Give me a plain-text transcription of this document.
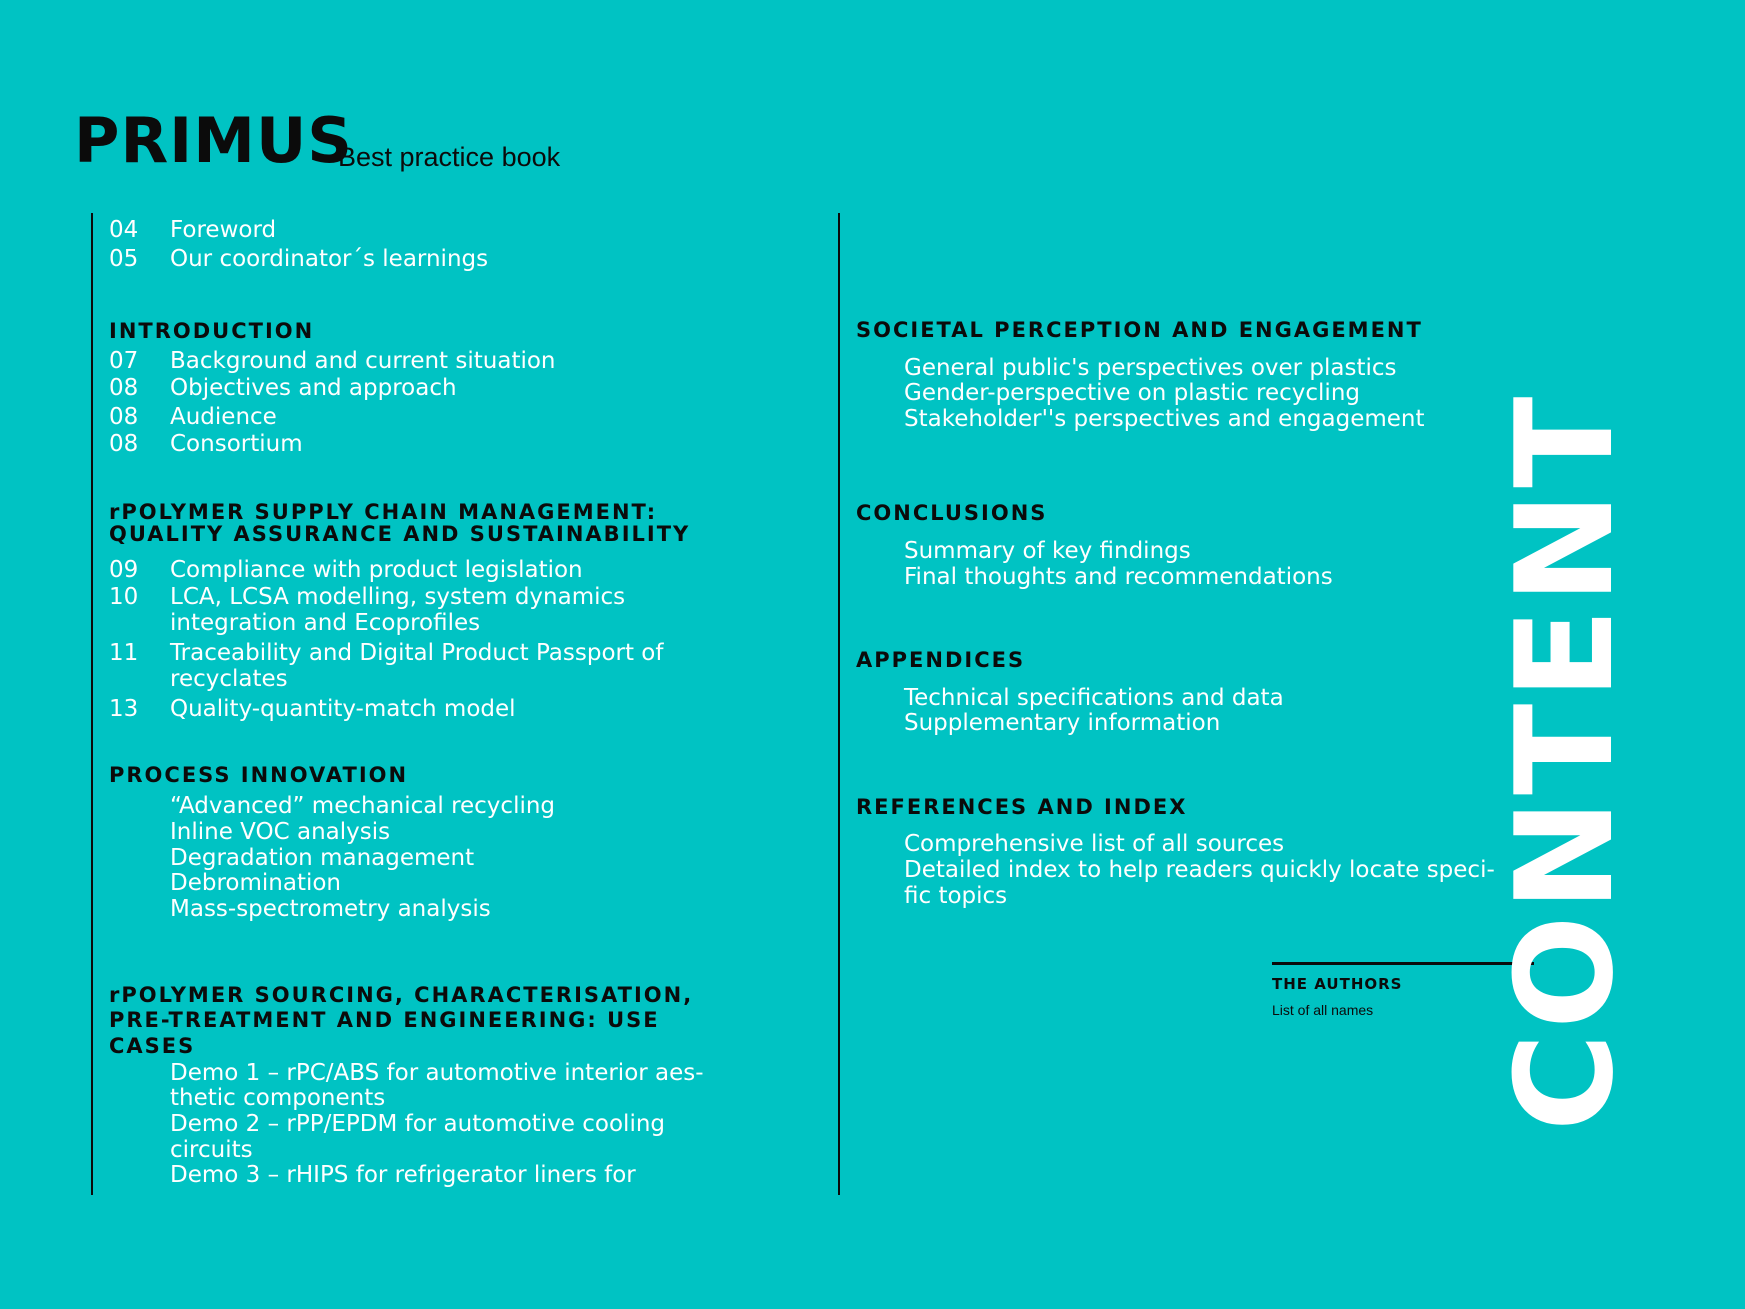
PRIMUS
Best practice book
04	Foreword
05	Our coordinator´s learnings
INTRODUCTION
07	Background and current situation
08	Objectives and approach
08	Audience
08	Consortium
rPOLYMER SUPPLY CHAIN MANAGEMENT:
QUALITY ASSURANCE AND SUSTAINABILITY
09	Compliance with product legislation
10	LCA, LCSA modelling, system dynamics integration and Ecoprofiles
11	Traceability and Digital Product Passport of recyclates
13	Quality-quantity-match model
PROCESS INNOVATION
“Advanced” mechanical recycling
Inline VOC analysis
Degradation management
Debromination
Mass-spectrometry analysis
rPOLYMER SOURCING, CHARACTERISATION,
PRE-TREATMENT AND ENGINEERING: USE
CASES
Demo 1 – rPC/ABS for automotive interior aes-
thetic components
Demo 2 – rPP/EPDM for automotive cooling
circuits
Demo 3 – rHIPS for refrigerator liners for
SOCIETAL PERCEPTION AND ENGAGEMENT
General public's perspectives over plastics
Gender-perspective on plastic recycling
Stakeholder''s perspectives and engagement
CONCLUSIONS
Summary of key findings
Final thoughts and recommendations
APPENDICES
Technical specifications and data
Supplementary information
REFERENCES AND INDEX
Comprehensive list of all sources
Detailed index to help readers quickly locate speci-
fic topics
THE AUTHORS
List of all names CONTENT
